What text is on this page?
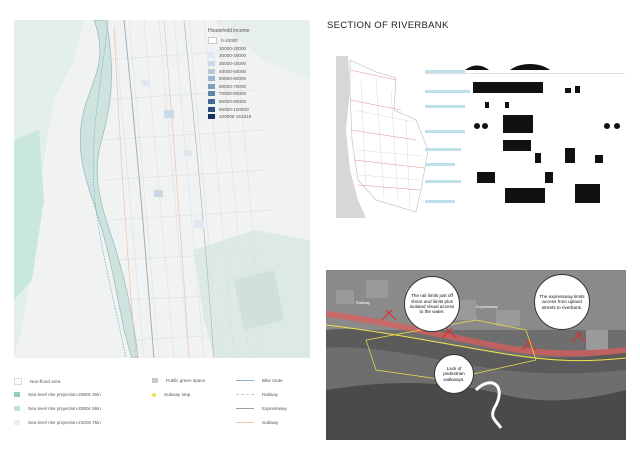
Household income
0-10000
10000-20000
20000-30000
30000-40000
40000-50000
50000-60000
60000-70000
70000-80000
80000-90000
90000-100000
100000-151818
Non-flood area
Sea level rise projection-2050s 30in
Sea level rise projection-2080s 56in
Sea level rise projection-2100s 75in
Public green space
Subway stop
Bike route
Railway
Expressway
Subway
SECTION OF RIVERBANK
Railway
Expressway
The rail limits just off shore and limits plus isolated visual access to the water.
The expressway limits access from upland streets to riverbank.
Lack of pedestrian walkways.
